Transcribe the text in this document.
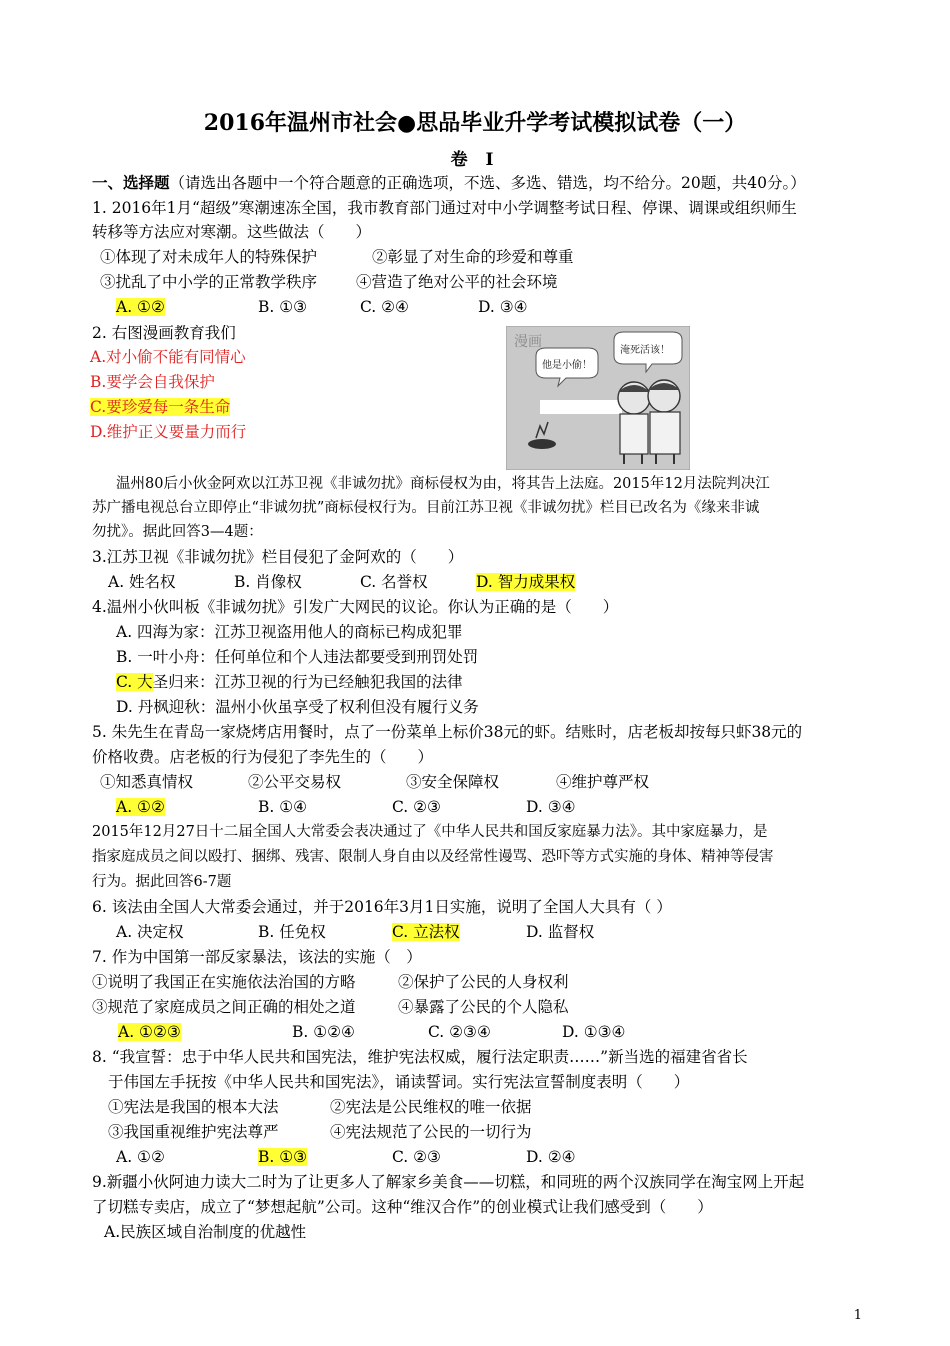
2016年温州市社会●思品毕业升学考试模拟试卷（一）
卷 Ⅰ
一、选择题（请选出各题中一个符合题意的正确选项，不选、多选、错选，均不给分。20题，共40分。）
1. 2016年1月“超级”寒潮速冻全国，我市教育部门通过对中小学调整考试日程、停课、调课或组织师生
转移等方法应对寒潮。这些做法（　　）
①体现了对未成年人的特殊保护	②彰显了对生命的珍爱和尊重
③扰乱了中小学的正常教学秩序	④营造了绝对公平的社会环境
A. ①②	B. ①③	C. ②④	D. ③④
2. 右图漫画教育我们
A.对小偷不能有同情心
B.要学会自我保护
C.要珍爱每一条生命
D.维护正义要量力而行
漫画
他是小偷！
淹死活该！
温州80后小伙金阿欢以江苏卫视《非诚勿扰》商标侵权为由，将其告上法庭。2015年12月法院判决江
苏广播电视总台立即停止“非诚勿扰”商标侵权行为。目前江苏卫视《非诚勿扰》栏目已改名为《缘来非诚
勿扰》。据此回答3—4题：
3.江苏卫视《非诚勿扰》栏目侵犯了金阿欢的（　　）
A. 姓名权	B. 肖像权	C. 名誉权	D. 智力成果权
4.温州小伙叫板《非诚勿扰》引发广大网民的议论。你认为正确的是（　　）
A. 四海为家：江苏卫视盗用他人的商标已构成犯罪
B. 一叶小舟：任何单位和个人违法都要受到刑罚处罚
C. 大圣归来：江苏卫视的行为已经触犯我国的法律
D. 丹枫迎秋：温州小伙虽享受了权利但没有履行义务
5. 朱先生在青岛一家烧烤店用餐时，点了一份菜单上标价38元的虾。结账时，店老板却按每只虾38元的
价格收费。店老板的行为侵犯了李先生的（　　）
①知悉真情权	②公平交易权	③安全保障权	④维护尊严权
A. ①②	B. ①④	C. ②③	D. ③④
2015年12月27日十二届全国人大常委会表决通过了《中华人民共和国反家庭暴力法》。其中家庭暴力，是
指家庭成员之间以殴打、捆绑、残害、限制人身自由以及经常性谩骂、恐吓等方式实施的身体、精神等侵害
行为。据此回答6-7题
6. 该法由全国人大常委会通过，并于2016年3月1日实施，说明了全国人大具有（ ）
A. 决定权	B. 任免权	C. 立法权	D. 监督权
7. 作为中国第一部反家暴法，该法的实施（　）
①说明了我国正在实施依法治国的方略	②保护了公民的人身权利
③规范了家庭成员之间正确的相处之道	④暴露了公民的个人隐私
A. ①②③	B. ①②④	C. ②③④	D. ①③④
8. “我宣誓：忠于中华人民共和国宪法，维护宪法权威，履行法定职责……”新当选的福建省省长
于伟国左手抚按《中华人民共和国宪法》，诵读誓词。实行宪法宣誓制度表明（　　）
①宪法是我国的根本大法	②宪法是公民维权的唯一依据
③我国重视维护宪法尊严	④宪法规范了公民的一切行为
A. ①②	B. ①③	C. ②③	D. ②④
9.新疆小伙阿迪力读大二时为了让更多人了解家乡美食——切糕，和同班的两个汉族同学在淘宝网上开起
了切糕专卖店，成立了“梦想起航”公司。这种“维汉合作”的创业模式让我们感受到（　　）
A.民族区域自治制度的优越性
1
